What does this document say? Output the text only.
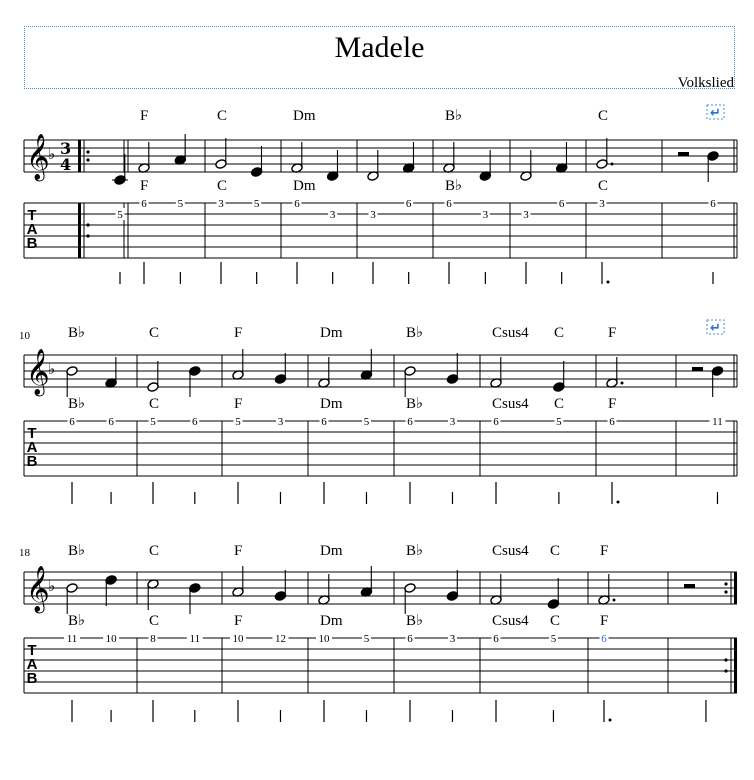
Madele
Volkslied
𝄞
♭
T
A
B
3
4
↵
5
F
F
6	5
C
C
3	5
Dm
Dm
6
3	3
6
B♭
B♭
6
3	3
6
C
C
3	6
10
𝄞
♭
T
A
B
↵
B♭
B♭
6	6
C
C
5	6
F
F
5	3
Dm
Dm
6	5
B♭
B♭
6	3
Csus4
Csus4
C
C
6	5
F
F
6	11
18
𝄞
♭
T
A
B
B♭
B♭
11	10
C
C
8	11
F
F
10	12
Dm
Dm
10	5
B♭
B♭
6	3
Csus4
Csus4
C
C
6	5
F
F
6
